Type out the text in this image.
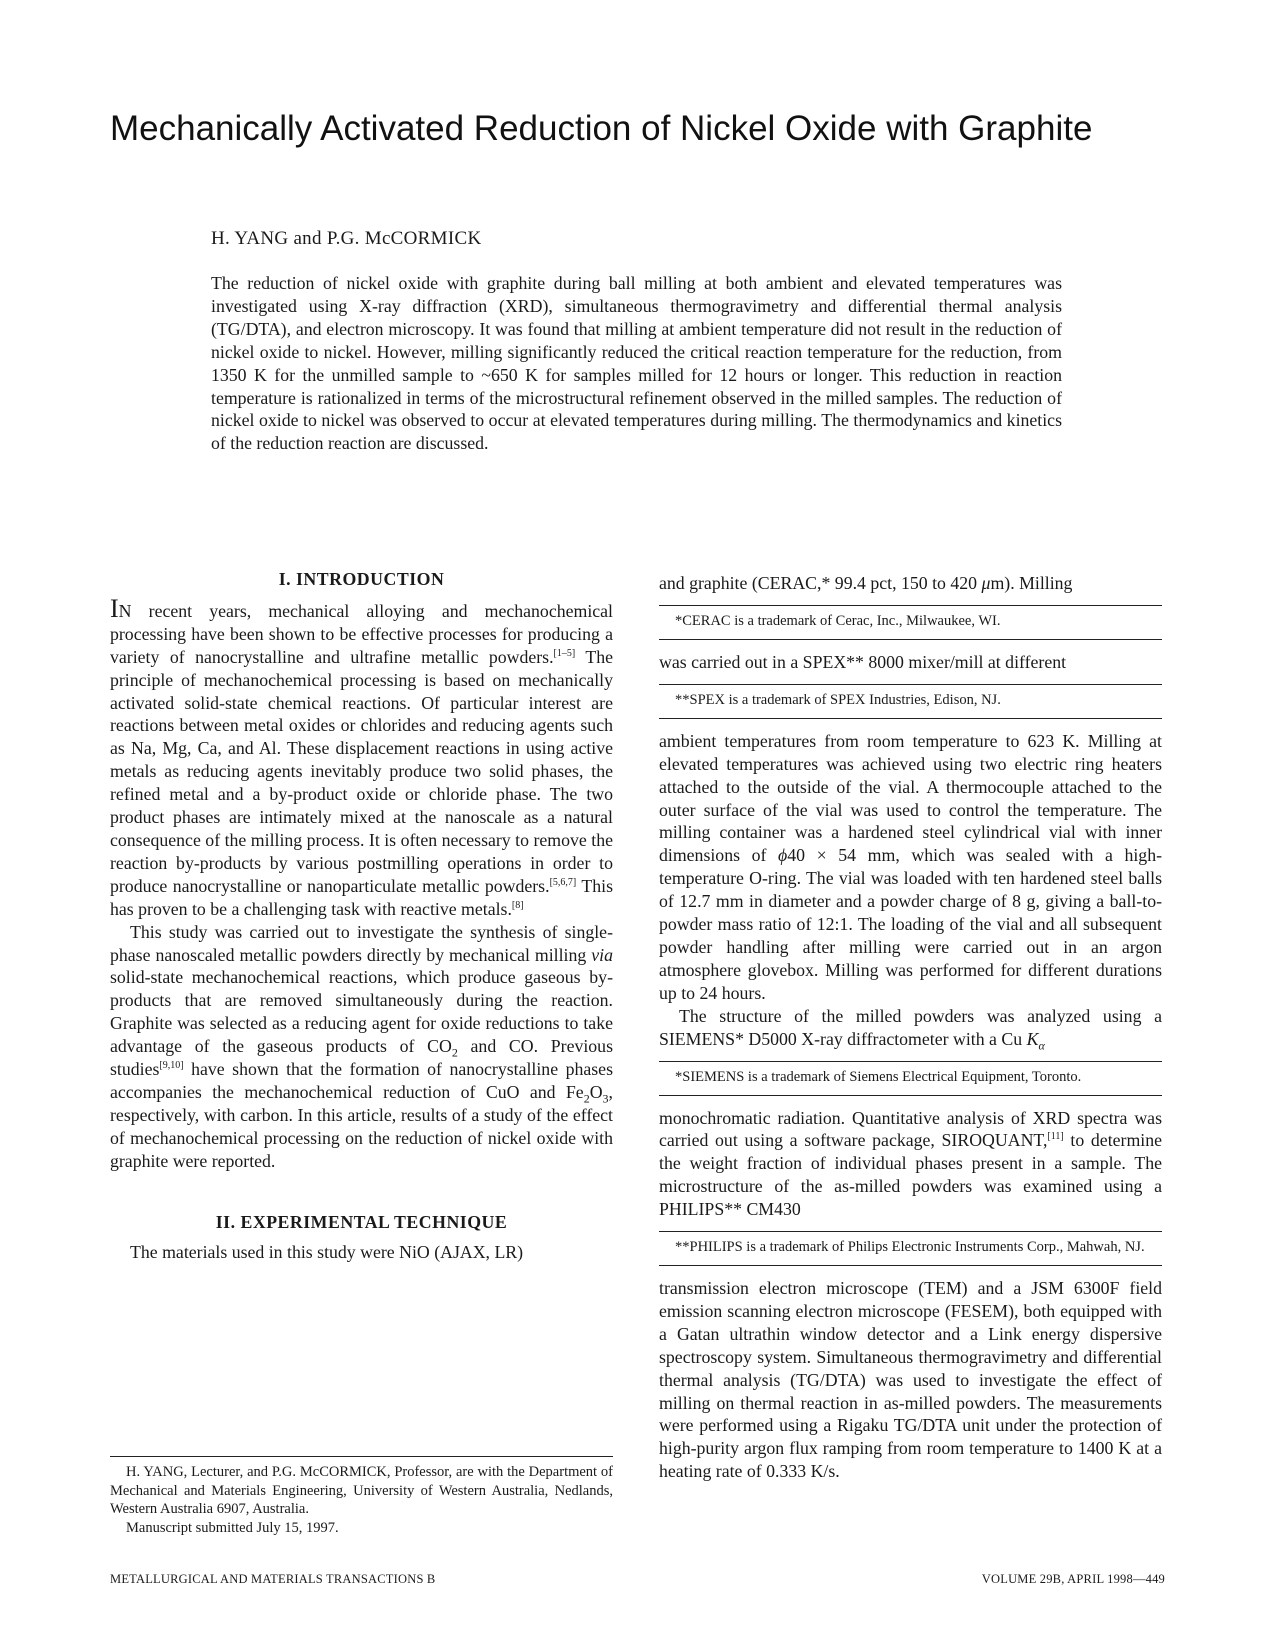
Mechanically Activated Reduction of Nickel Oxide with Graphite
H. YANG and P.G. McCORMICK
The reduction of nickel oxide with graphite during ball milling at both ambient and elevated temperatures was investigated using X-ray diffraction (XRD), simultaneous thermogravimetry and differential thermal analysis (TG/DTA), and electron microscopy. It was found that milling at ambient temperature did not result in the reduction of nickel oxide to nickel. However, milling significantly reduced the critical reaction temperature for the reduction, from 1350 K for the unmilled sample to ~650 K for samples milled for 12 hours or longer. This reduction in reaction temperature is rationalized in terms of the microstructural refinement observed in the milled samples. The reduction of nickel oxide to nickel was observed to occur at elevated temperatures during milling. The thermodynamics and kinetics of the reduction reaction are discussed.
I. INTRODUCTION

IN recent years, mechanical alloying and mechanochemical processing have been shown to be effective processes for producing a variety of nanocrystalline and ultrafine metallic powders.[1–5] The principle of mechanochemical processing is based on mechanically activated solid-state chemical reactions. Of particular interest are reactions between metal oxides or chlorides and reducing agents such as Na, Mg, Ca, and Al. These displacement reactions in using active metals as reducing agents inevitably produce two solid phases, the refined metal and a by-product oxide or chloride phase. The two product phases are intimately mixed at the nanoscale as a natural consequence of the milling process. It is often necessary to remove the reaction by-products by various postmilling operations in order to produce nanocrystalline or nanoparticulate metallic powders.[5,6,7] This has proven to be a challenging task with reactive metals.[8]

This study was carried out to investigate the synthesis of single-phase nanoscaled metallic powders directly by mechanical milling via solid-state mechanochemical reactions, which produce gaseous by-products that are removed simultaneously during the reaction. Graphite was selected as a reducing agent for oxide reductions to take advantage of the gaseous products of $CO_2$ and CO. Previous studies[9,10] have shown that the formation of nanocrystalline phases accompanies the mechanochemical reduction of CuO and $Fe_2O_3$, respectively, with carbon. In this article, results of a study of the effect of mechanochemical processing on the reduction of nickel oxide with graphite were reported.

II. EXPERIMENTAL TECHNIQUE

The materials used in this study were NiO (AJAX, LR)

H. YANG, Lecturer, and P.G. McCORMICK, Professor, are with the Department of Mechanical and Materials Engineering, University of Western Australia, Nedlands, Western Australia 6907, Australia.

Manuscript submitted July 15, 1997.

and graphite (CERAC,* 99.4 pct, 150 to 420 μm). Milling

*CERAC is a trademark of Cerac, Inc., Milwaukee, WI.

was carried out in a SPEX** 8000 mixer/mill at different

**SPEX is a trademark of SPEX Industries, Edison, NJ.

ambient temperatures from room temperature to 623 K. Milling at elevated temperatures was achieved using two electric ring heaters attached to the outside of the vial. A thermocouple attached to the outer surface of the vial was used to control the temperature. The milling container was a hardened steel cylindrical vial with inner dimensions of ϕ40 × 54 mm, which was sealed with a high-temperature O-ring. The vial was loaded with ten hardened steel balls of 12.7 mm in diameter and a powder charge of 8 g, giving a ball-to-powder mass ratio of 12:1. The loading of the vial and all subsequent powder handling after milling were carried out in an argon atmosphere glovebox. Milling was performed for different durations up to 24 hours.

The structure of the milled powders was analyzed using a SIEMENS* D5000 X-ray diffractometer with a Cu $K_\alpha$

*SIEMENS is a trademark of Siemens Electrical Equipment, Toronto.

monochromatic radiation. Quantitative analysis of XRD spectra was carried out using a software package, SIROQUANT,[11] to determine the weight fraction of individual phases present in a sample. The microstructure of the as-milled powders was examined using a PHILIPS** CM430

**PHILIPS is a trademark of Philips Electronic Instruments Corp., Mahwah, NJ.

transmission electron microscope (TEM) and a JSM 6300F field emission scanning electron microscope (FESEM), both equipped with a Gatan ultrathin window detector and a Link energy dispersive spectroscopy system. Simultaneous thermogravimetry and differential thermal analysis (TG/DTA) was used to investigate the effect of milling on thermal reaction in as-milled powders. The measurements were performed using a Rigaku TG/DTA unit under the protection of high-purity argon flux ramping from room temperature to 1400 K at a heating rate of 0.333 K/s.

METALLURGICAL AND MATERIALS TRANSACTIONS B	VOLUME 29B, APRIL 1998—449
